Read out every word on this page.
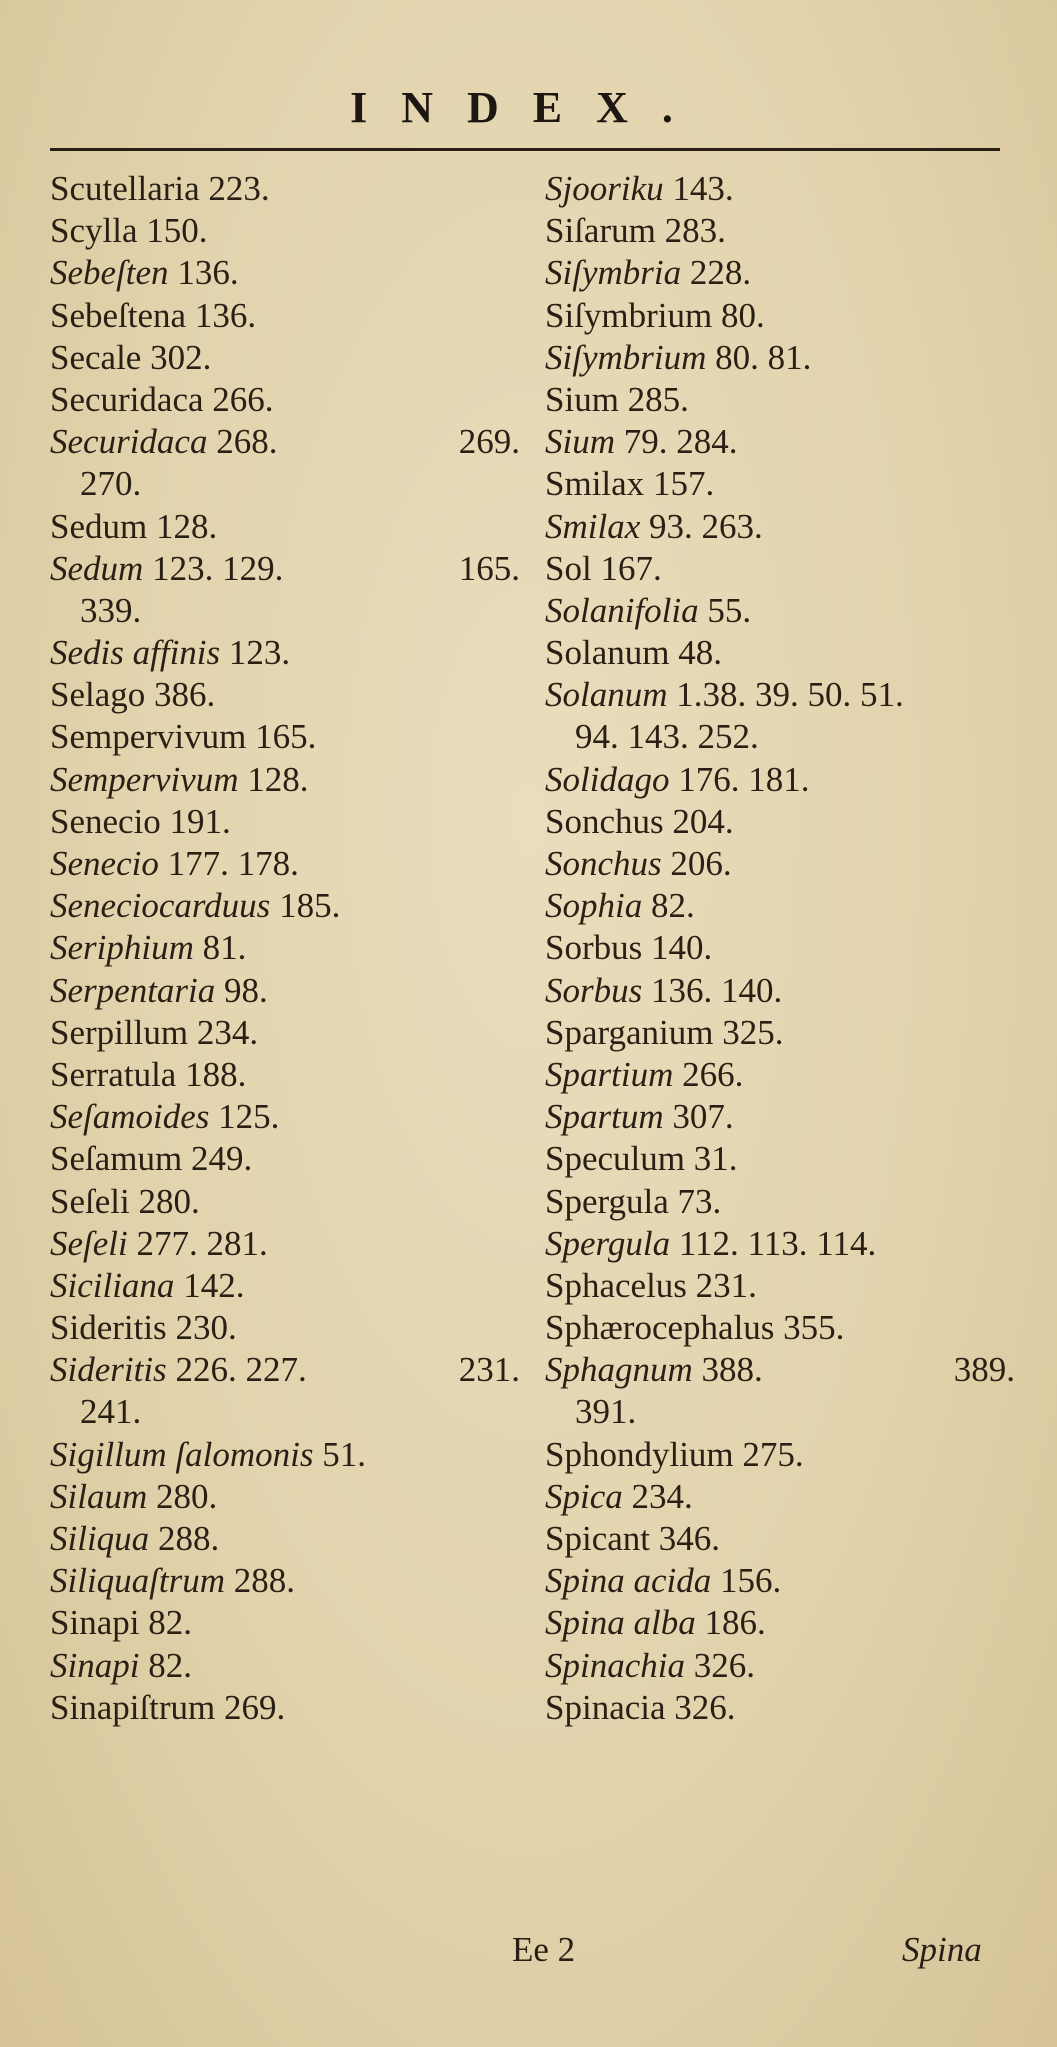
INDEX.
Scutellaria 223.
Scylla 150.
Sebeſten 136.
Sebeſtena 136.
Secale 302.
Securidaca 266.
Securidaca 268.	269.
270.
Sedum 128.
Sedum 123. 129.	165.
339.
Sedis affinis 123.
Selago 386.
Sempervivum 165.
Sempervivum 128.
Senecio 191.
Senecio 177. 178.
Seneciocarduus 185.
Seriphium 81.
Serpentaria 98.
Serpillum 234.
Serratula 188.
Seſamoides 125.
Seſamum 249.
Seſeli 280.
Seſeli 277. 281.
Siciliana 142.
Sideritis 230.
Sideritis 226. 227.	231.
241.
Sigillum ſalomonis 51.
Silaum 280.
Siliqua 288.
Siliquaſtrum 288.
Sinapi 82.
Sinapi 82.
Sinapiſtrum 269.
Sjooriku 143.
Siſarum 283.
Siſymbria 228.
Siſymbrium 80.
Siſymbrium 80. 81.
Sium 285.
Sium 79. 284.
Smilax 157.
Smilax 93. 263.
Sol 167.
Solanifolia 55.
Solanum 48.
Solanum 1.38. 39. 50. 51.
94. 143. 252.
Solidago 176. 181.
Sonchus 204.
Sonchus 206.
Sophia 82.
Sorbus 140.
Sorbus 136. 140.
Sparganium 325.
Spartium 266.
Spartum 307.
Speculum 31.
Spergula 73.
Spergula 112. 113. 114.
Sphacelus 231.
Sphærocephalus 355.
Sphagnum 388.	389.
391.
Sphondylium 275.
Spica 234.
Spicant 346.
Spina acida 156.
Spina alba 186.
Spinachia 326.
Spinacia 326.
Ee 2	Spina
